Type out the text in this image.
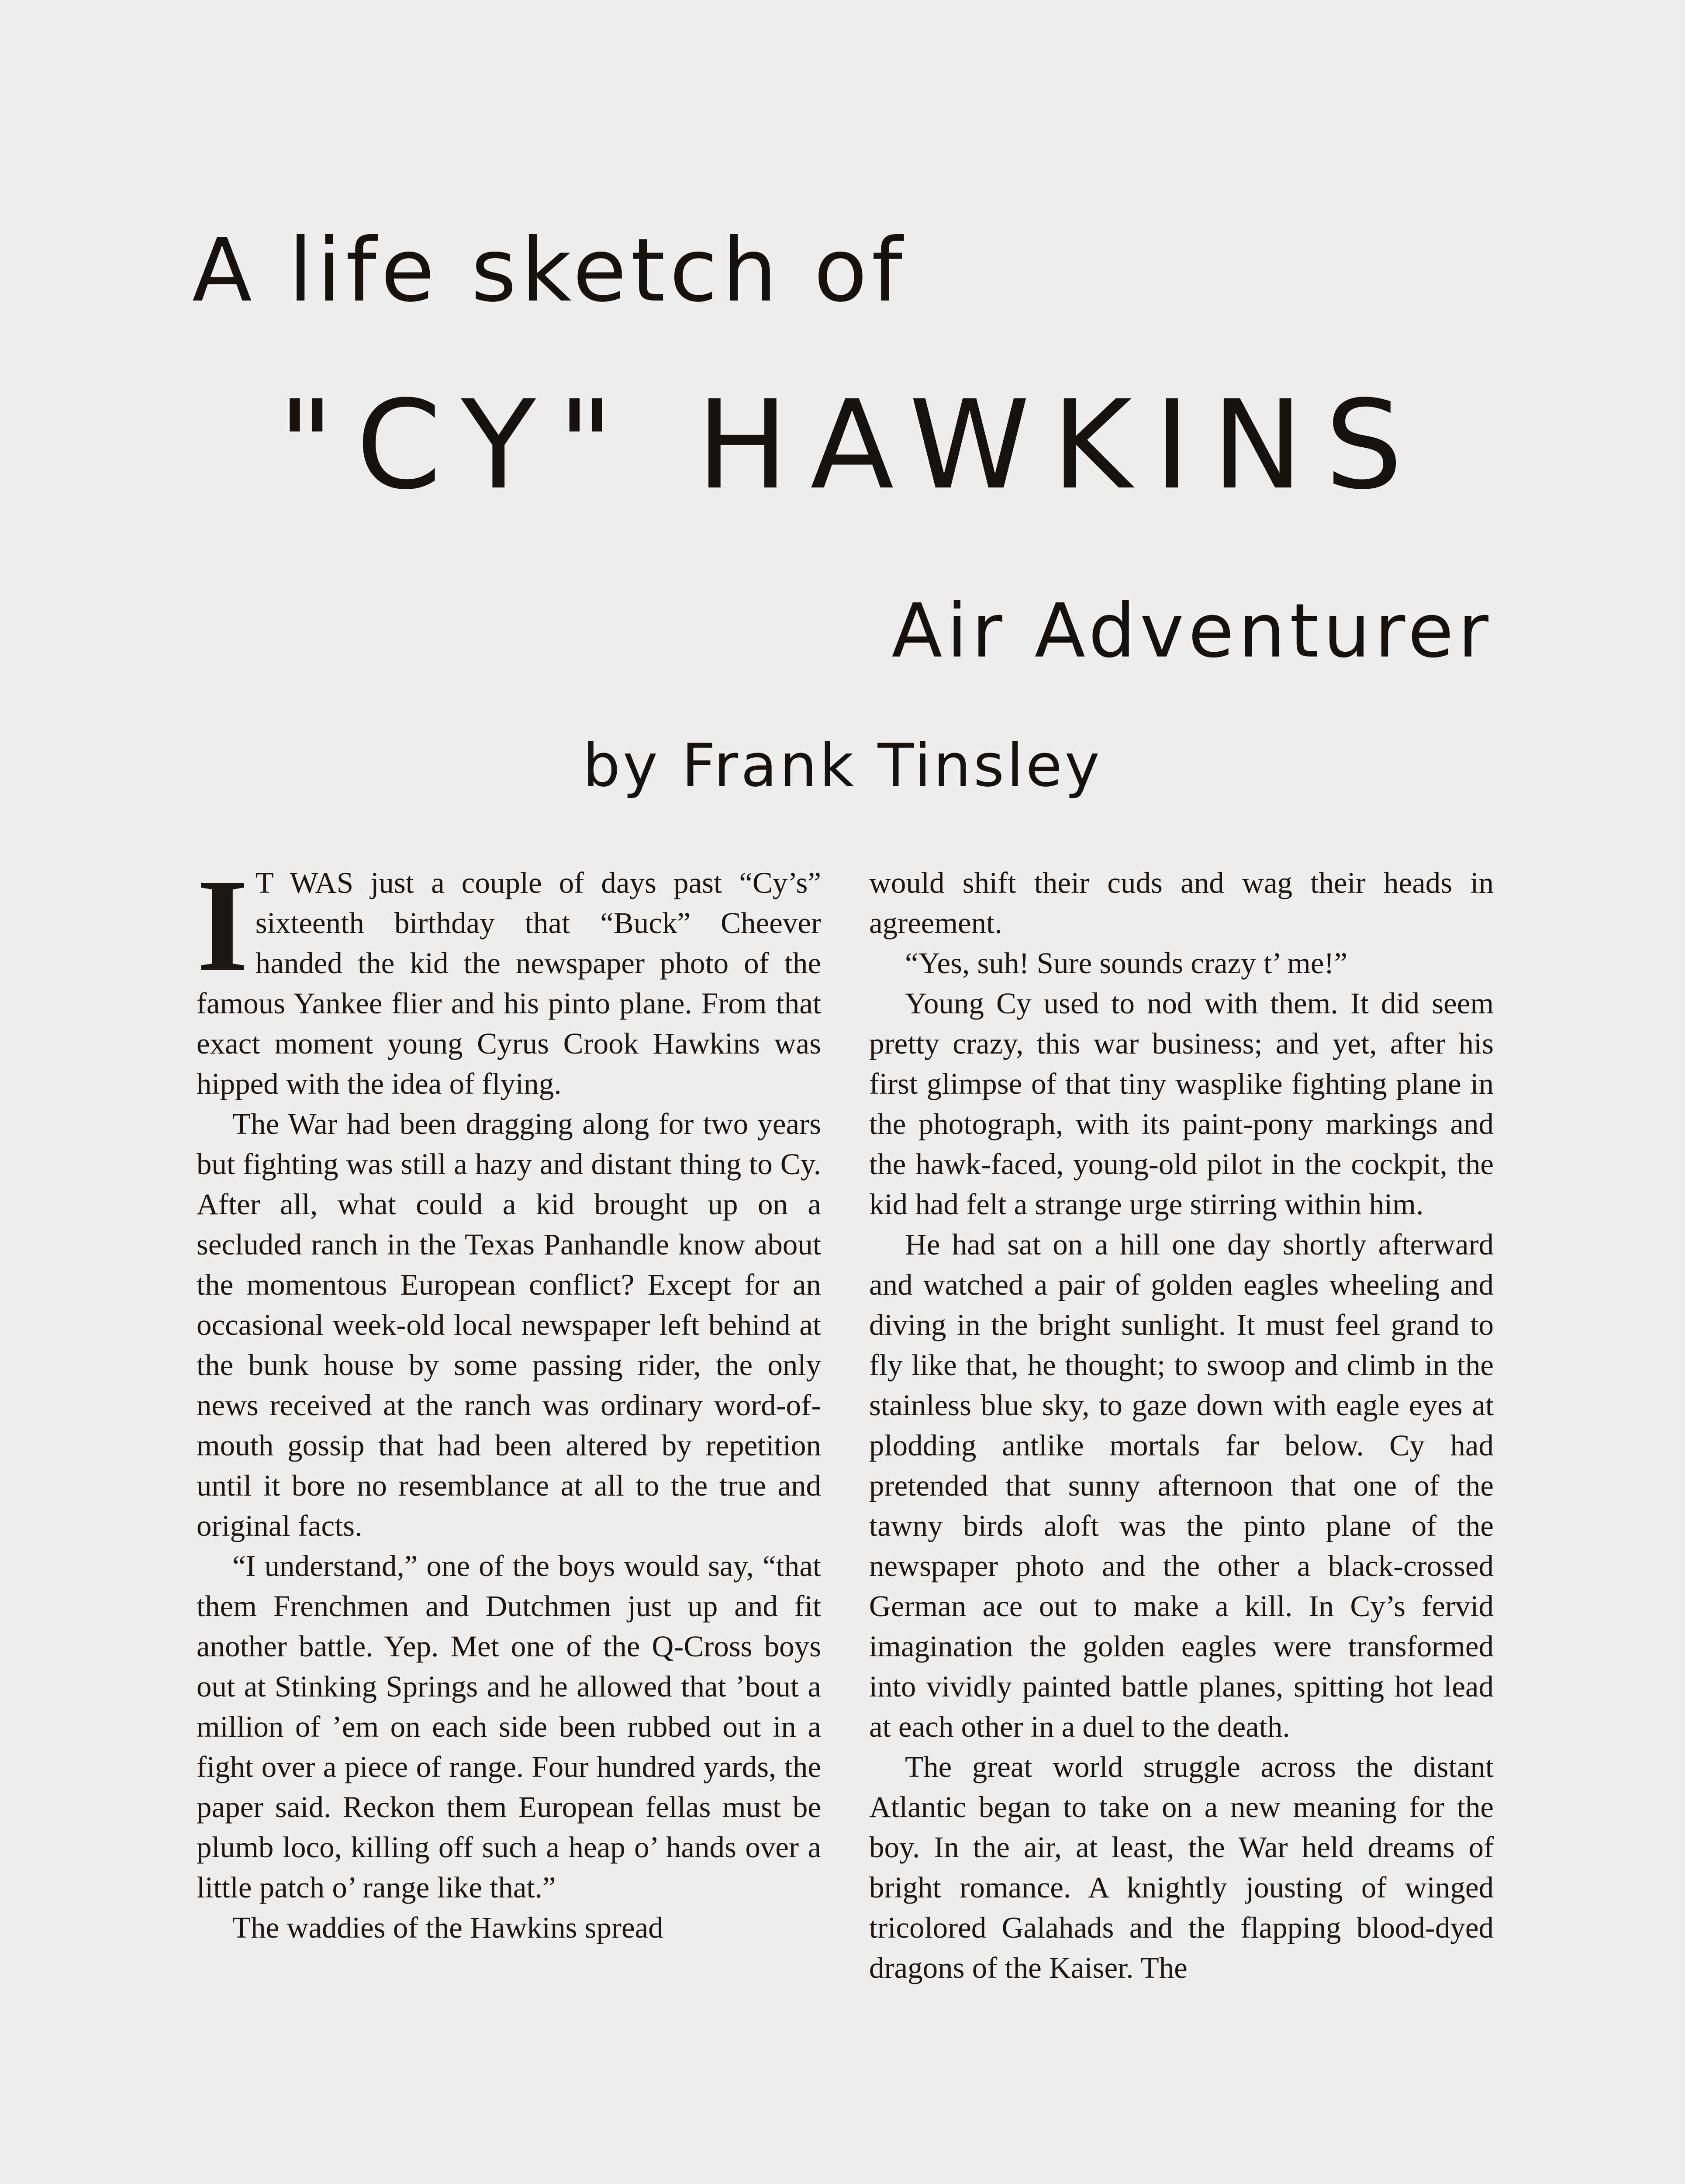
A life sketch of
"CY" HAWKINS
Air Adventurer
by Frank Tinsley

I T WAS just a couple of days past “Cy’s” sixteenth birthday that “Buck” Cheever handed the kid the newspaper photo of the famous Yankee flier and his pinto plane. From that exact moment young Cyrus Crook Hawkins was hipped with the idea of flying.

The War had been dragging along for two years but fighting was still a hazy and distant thing to Cy. After all, what could a kid brought up on a secluded ranch in the Texas Panhandle know about the momentous European conflict? Except for an occasional week-old local newspaper left behind at the bunk house by some passing rider, the only news received at the ranch was ordinary word-of-mouth gossip that had been altered by repetition until it bore no resemblance at all to the true and original facts.

“I understand,” one of the boys would say, “that them Frenchmen and Dutchmen just up and fit another battle. Yep. Met one of the Q-Cross boys out at Stinking Springs and he allowed that ’bout a million of ’em on each side been rubbed out in a fight over a piece of range. Four hundred yards, the paper said. Reckon them European fellas must be plumb loco, killing off such a heap o’ hands over a little patch o’ range like that.”

The waddies of the Hawkins spread

would shift their cuds and wag their heads in agreement.

“Yes, suh! Sure sounds crazy t’ me!”

Young Cy used to nod with them. It did seem pretty crazy, this war business; and yet, after his first glimpse of that tiny wasplike fighting plane in the photograph, with its paint-pony markings and the hawk-faced, young-old pilot in the cockpit, the kid had felt a strange urge stirring within him.

He had sat on a hill one day shortly afterward and watched a pair of golden eagles wheeling and diving in the bright sunlight. It must feel grand to fly like that, he thought; to swoop and climb in the stainless blue sky, to gaze down with eagle eyes at plodding antlike mortals far below. Cy had pretended that sunny afternoon that one of the tawny birds aloft was the pinto plane of the newspaper photo and the other a black-crossed German ace out to make a kill. In Cy’s fervid imagination the golden eagles were transformed into vividly painted battle planes, spitting hot lead at each other in a duel to the death.

The great world struggle across the distant Atlantic began to take on a new meaning for the boy. In the air, at least, the War held dreams of bright romance. A knightly jousting of winged tricolored Galahads and the flapping blood-dyed dragons of the Kaiser. The
